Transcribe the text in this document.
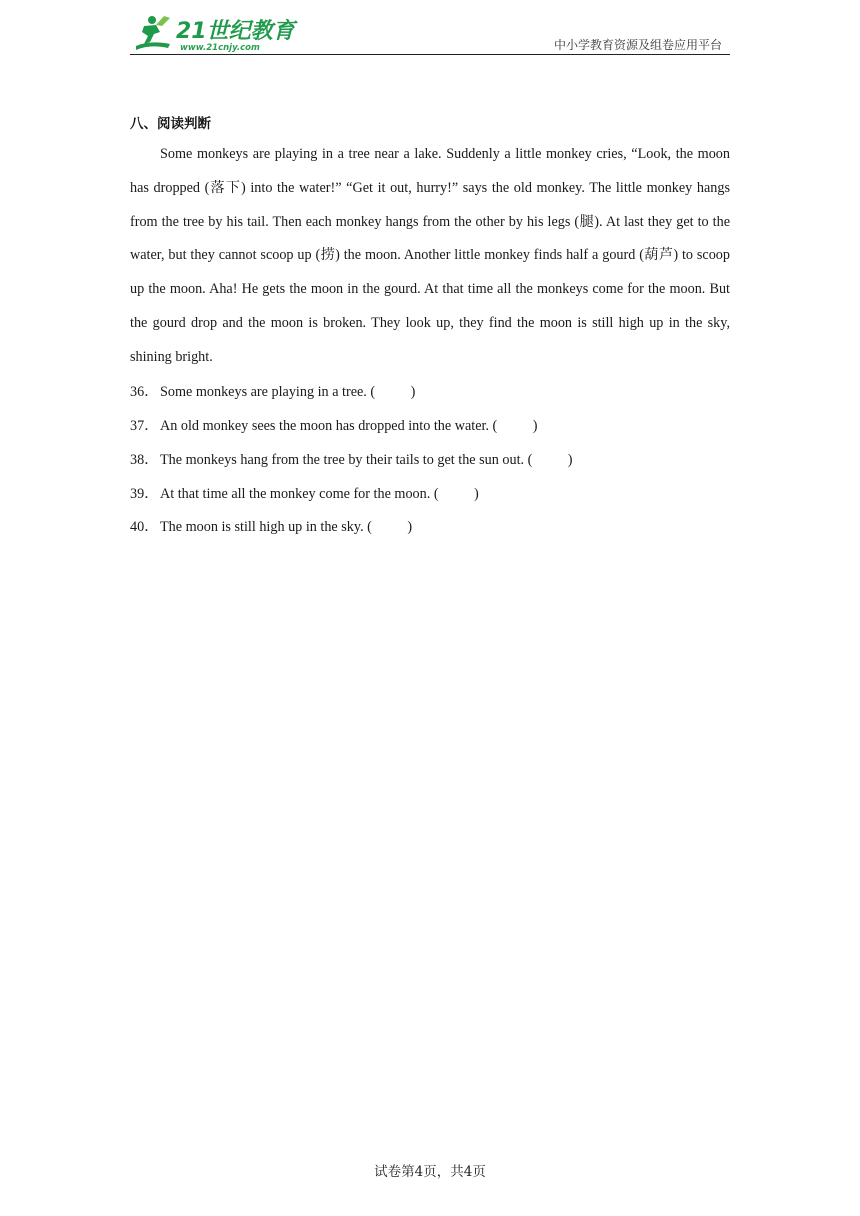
21世纪教育
www.21cnjy.com	中小学教育资源及组卷应用平台
八、阅读判断

Some monkeys are playing in a tree near a lake. Suddenly a little monkey cries, “Look, the moon has dropped (落下) into the water!” “Get it out, hurry!” says the old monkey. The little monkey hangs from the tree by his tail. Then each monkey hangs from the other by his legs (腿). At last they get to the water, but they cannot scoop up (捞) the moon. Another little monkey finds half a gourd (葫芦) to scoop up the moon. Aha! He gets the moon in the gourd. At that time all the monkeys come for the moon. But the gourd drop and the moon is broken. They look up, they find the moon is still high up in the sky, shining bright.

36． Some monkeys are playing in a tree. (          )
37． An old monkey sees the moon has dropped into the water. (          )
38． The monkeys hang from the tree by their tails to get the sun out. (          )
39． At that time all the monkey come for the moon. (          )
40． The moon is still high up in the sky. (          )
试卷第4页，共4页
